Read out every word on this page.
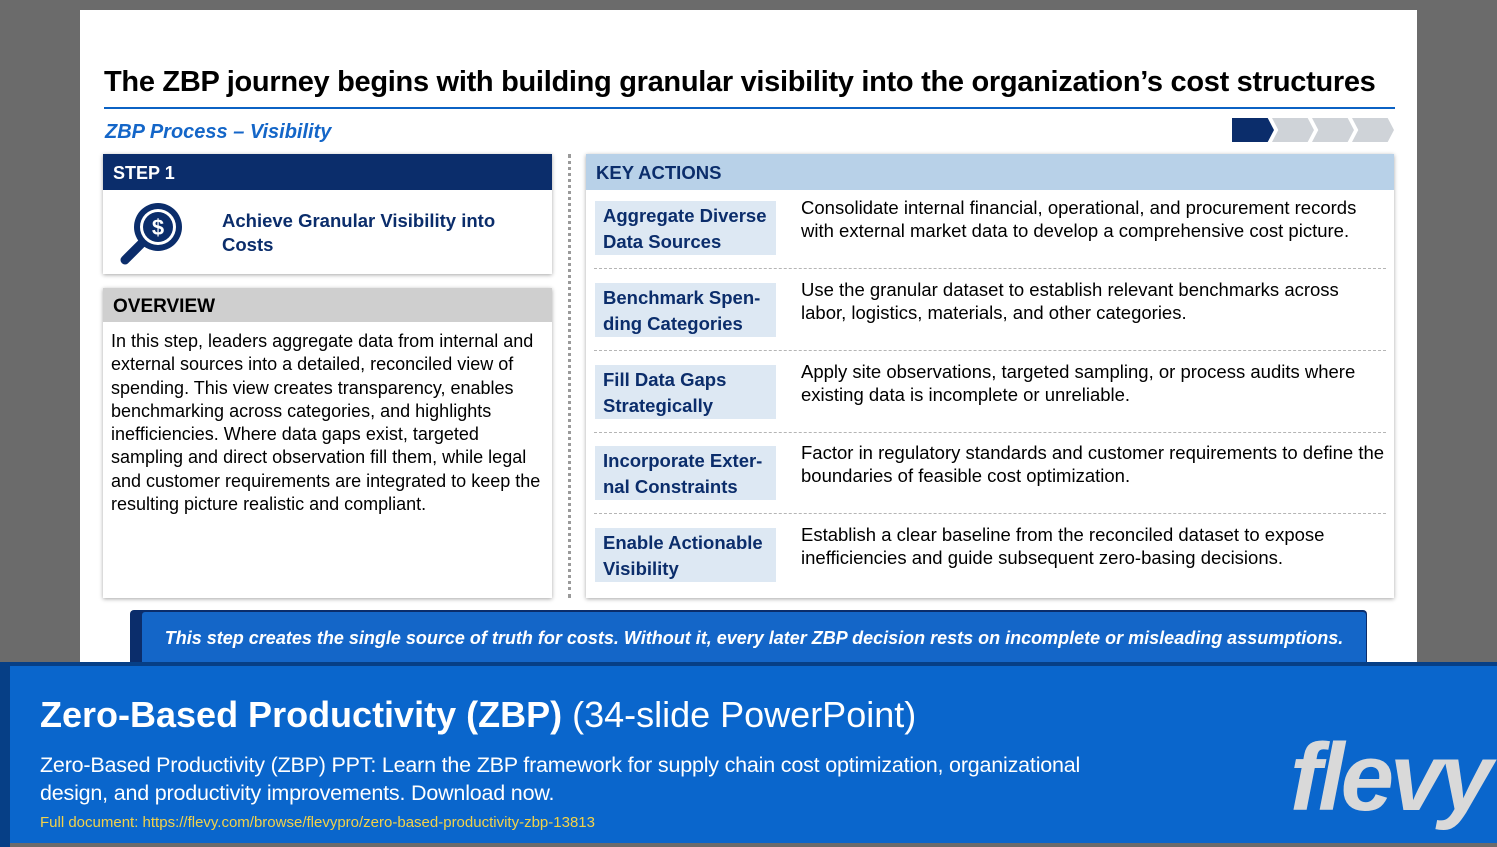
The ZBP journey begins with building granular visibility into the organization’s cost structures
ZBP Process – Visibility
STEP 1
$	Achieve Granular Visibility into Costs
OVERVIEW
In this step, leaders aggregate data from internal and external sources into a detailed, reconciled view of spending. This view creates transparency, enables benchmarking across categories, and highlights inefficiencies. Where data gaps exist, targeted sampling and direct observation fill them, while legal and customer requirements are integrated to keep the resulting picture realistic and compliant.
KEY ACTIONS
Aggregate Diverse Data Sources
Consolidate internal financial, operational, and procurement records with external market data to develop a comprehensive cost picture.
Benchmark Spen-ding Categories
Use the granular dataset to establish relevant benchmarks across labor, logistics, materials, and other categories.
Fill Data Gaps Strategically
Apply site observations, targeted sampling, or process audits where existing data is incomplete or unreliable.
Incorporate Exter-nal Constraints
Factor in regulatory standards and customer requirements to define the boundaries of feasible cost optimization.
Enable Actionable Visibility
Establish a clear baseline from the reconciled dataset to expose inefficiencies and guide subsequent zero-basing decisions.
This step creates the single source of truth for costs. Without it, every later ZBP decision rests on incomplete or misleading assumptions.
Zero-Based Productivity (ZBP) (34-slide PowerPoint)
Zero-Based Productivity (ZBP) PPT: Learn the ZBP framework for supply chain cost optimization, organizational design, and productivity improvements. Download now.
Full document: https://flevy.com/browse/flevypro/zero-based-productivity-zbp-13813	flevy
